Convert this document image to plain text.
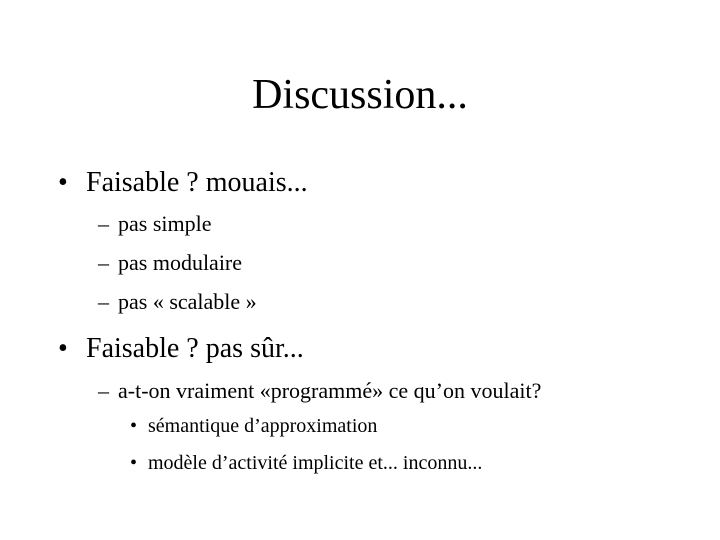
Discussion...
• Faisable ? mouais...
– pas simple
– pas modulaire
– pas « scalable »
• Faisable ? pas sûr...
– a-t-on vraiment «programmé» ce qu’on voulait?
• sémantique d’approximation
• modèle d’activité implicite et... inconnu...
